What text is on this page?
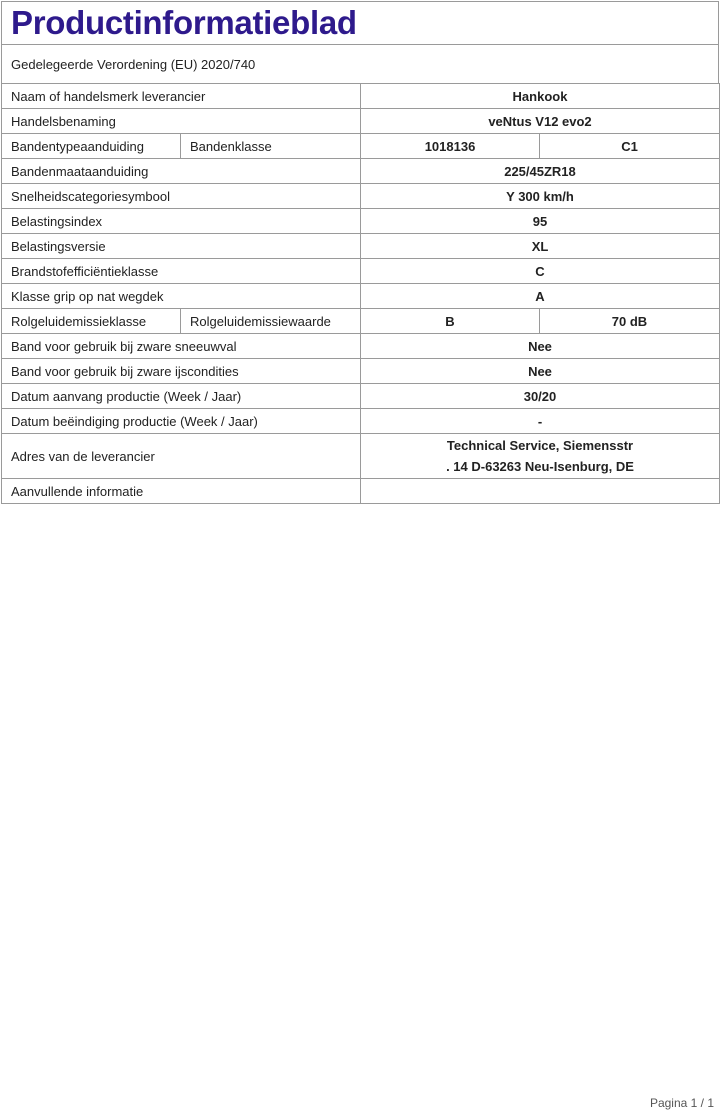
Productinformatieblad
Gedelegeerde Verordening (EU) 2020/740
Naam of handelsmerk leverancier		Hankook	
Handelsbenaming		veNtus V12 evo2	
Bandentypeaanduiding	Bandenklasse	1018136	C1
Bandenmaataanduiding		225/45ZR18	
Snelheidscategoriesymbool		Y 300 km/h	
Belastingsindex		95	
Belastingsversie		XL	
Brandstofefficiëntieklasse		C	
Klasse grip op nat wegdek		A	
Rolgeluidemissieklasse	Rolgeluidemissiewaarde	B	70 dB
Band voor gebruik bij zware sneeuwval		Nee	
Band voor gebruik bij zware ijscondities		Nee	
Datum aanvang productie (Week / Jaar)		30/20	
Datum beëindiging productie (Week / Jaar)		-	
Adres van de leverancier		Technical Service, Siemensstr
. 14 D-63263 Neu-Isenburg, DE	

Aanvullende informatie			
Pagina 1 / 1
